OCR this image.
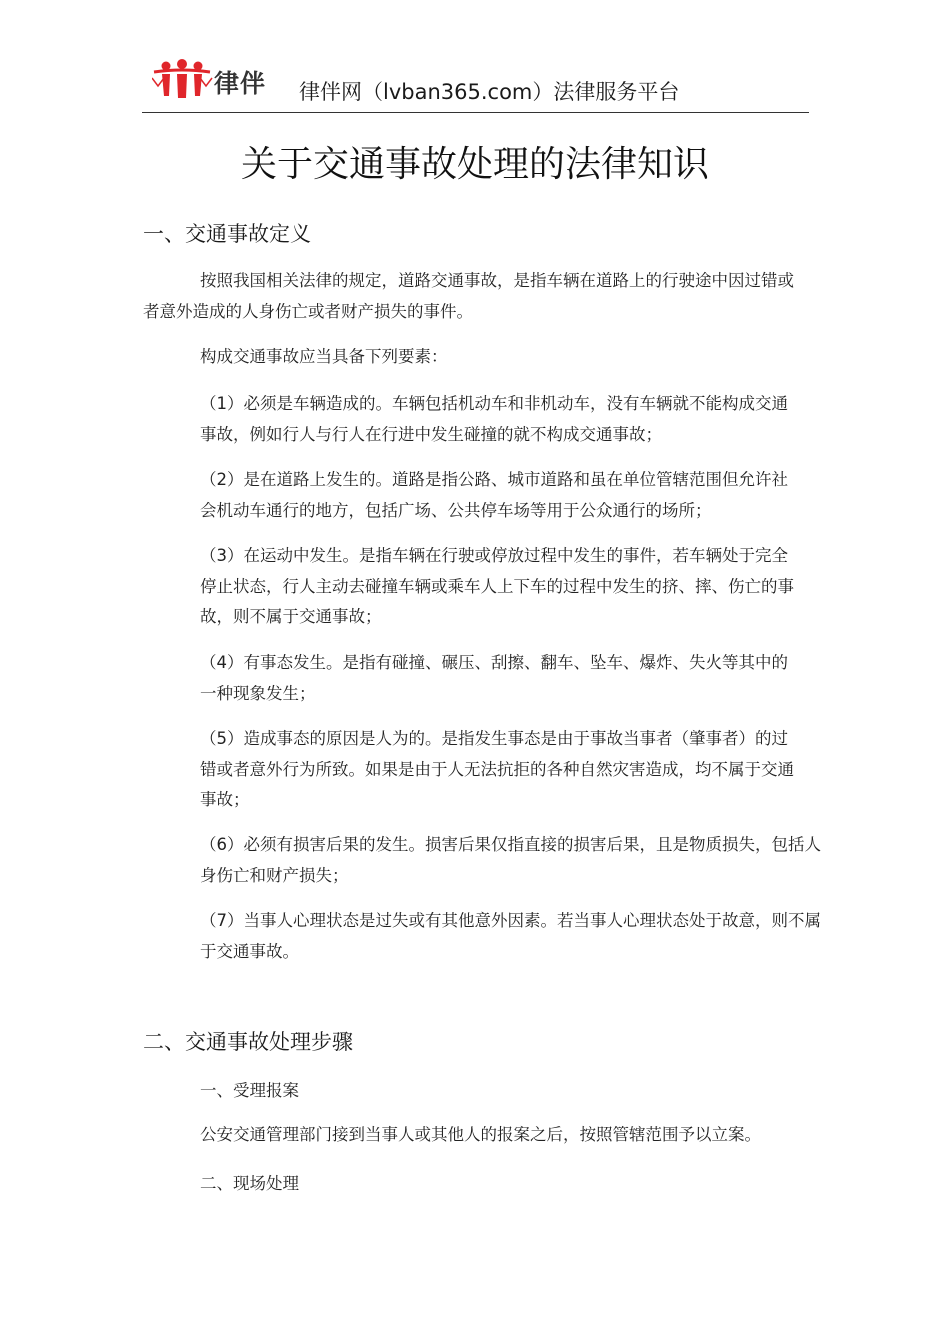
律伴 律伴网（lvban365.com）法律服务平台
关于交通事故处理的法律知识
一、交通事故定义
按照我国相关法律的规定，道路交通事故，是指车辆在道路上的行驶途中因过错或者意外造成的人身伤亡或者财产损失的事件。
构成交通事故应当具备下列要素：
（1）必须是车辆造成的。车辆包括机动车和非机动车，没有车辆就不能构成交通事故，例如行人与行人在行进中发生碰撞的就不构成交通事故；
（2）是在道路上发生的。道路是指公路、城市道路和虽在单位管辖范围但允许社会机动车通行的地方，包括广场、公共停车场等用于公众通行的场所；
（3）在运动中发生。是指车辆在行驶或停放过程中发生的事件，若车辆处于完全停止状态，行人主动去碰撞车辆或乘车人上下车的过程中发生的挤、摔、伤亡的事故，则不属于交通事故；
（4）有事态发生。是指有碰撞、碾压、刮擦、翻车、坠车、爆炸、失火等其中的一种现象发生；
（5）造成事态的原因是人为的。是指发生事态是由于事故当事者（肇事者）的过错或者意外行为所致。如果是由于人无法抗拒的各种自然灾害造成，均不属于交通事故；
（6）必须有损害后果的发生。损害后果仅指直接的损害后果，且是物质损失，包括人身伤亡和财产损失；
（7）当事人心理状态是过失或有其他意外因素。若当事人心理状态处于故意，则不属于交通事故。
二、交通事故处理步骤
一、受理报案
公安交通管理部门接到当事人或其他人的报案之后，按照管辖范围予以立案。
二、现场处理
